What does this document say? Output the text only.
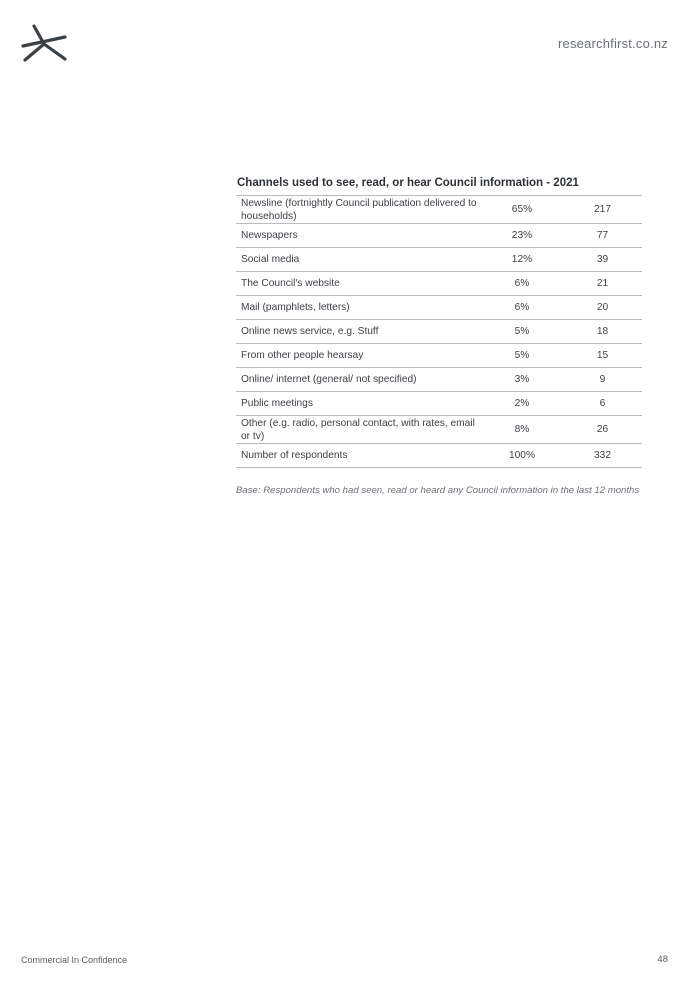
researchfirst.co.nz
Channels used to see, read, or hear Council information - 2021
Newsline (fortnightly Council publication delivered to households)	65%	217
Newspapers	23%	77
Social media	12%	39
The Council's website	6%	21
Mail (pamphlets, letters)	6%	20
Online news service, e.g. Stuff	5%	18
From other people hearsay	5%	15
Online/ internet (general/ not specified)	3%	9
Public meetings	2%	6
Other (e.g. radio, personal contact, with rates, email or tv)	8%	26
Number of respondents	100%	332
Base: Respondents who had seen, read or heard any Council information in the last 12 months
Commercial In Confidence	48
